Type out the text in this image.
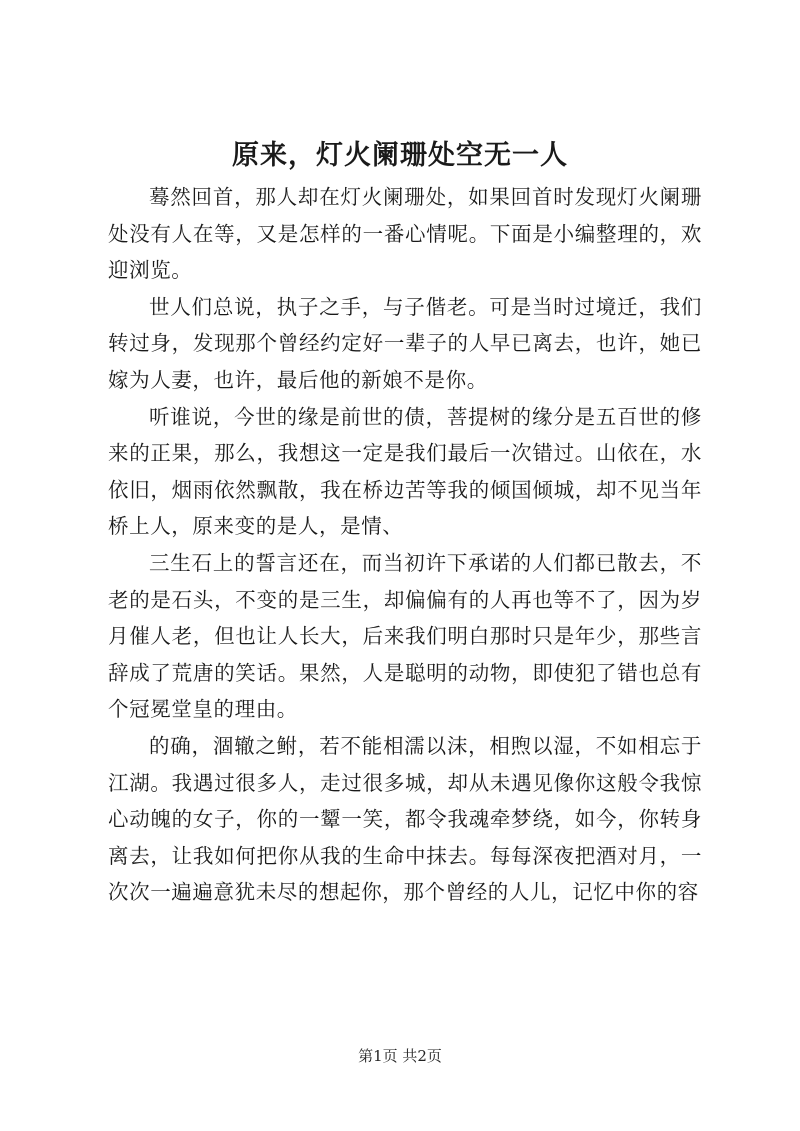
原来，灯火阑珊处空无一人

蓦然回首，那人却在灯火阑珊处，如果回首时发现灯火阑珊处没有人在等，又是怎样的一番心情呢。下面是小编整理的，欢迎浏览。

世人们总说，执子之手，与子偕老。可是当时过境迁，我们转过身，发现那个曾经约定好一辈子的人早已离去，也许，她已嫁为人妻，也许，最后他的新娘不是你。

听谁说，今世的缘是前世的债，菩提树的缘分是五百世的修来的正果，那么，我想这一定是我们最后一次错过。山依在，水依旧，烟雨依然飘散，我在桥边苦等我的倾国倾城，却不见当年桥上人，原来变的是人，是情、

三生石上的誓言还在，而当初许下承诺的人们都已散去，不老的是石头，不变的是三生，却偏偏有的人再也等不了，因为岁月催人老，但也让人长大，后来我们明白那时只是年少，那些言辞成了荒唐的笑话。果然，人是聪明的动物，即使犯了错也总有个冠冕堂皇的理由。

的确，涸辙之鲋，若不能相濡以沫，相煦以湿，不如相忘于江湖。我遇过很多人，走过很多城，却从未遇见像你这般令我惊心动魄的女子，你的一颦一笑，都令我魂牵梦绕，如今，你转身离去，让我如何把你从我的生命中抹去。每每深夜把酒对月，一次次一遍遍意犹未尽的想起你，那个曾经的人儿，记忆中你的容

第1页 共2页
